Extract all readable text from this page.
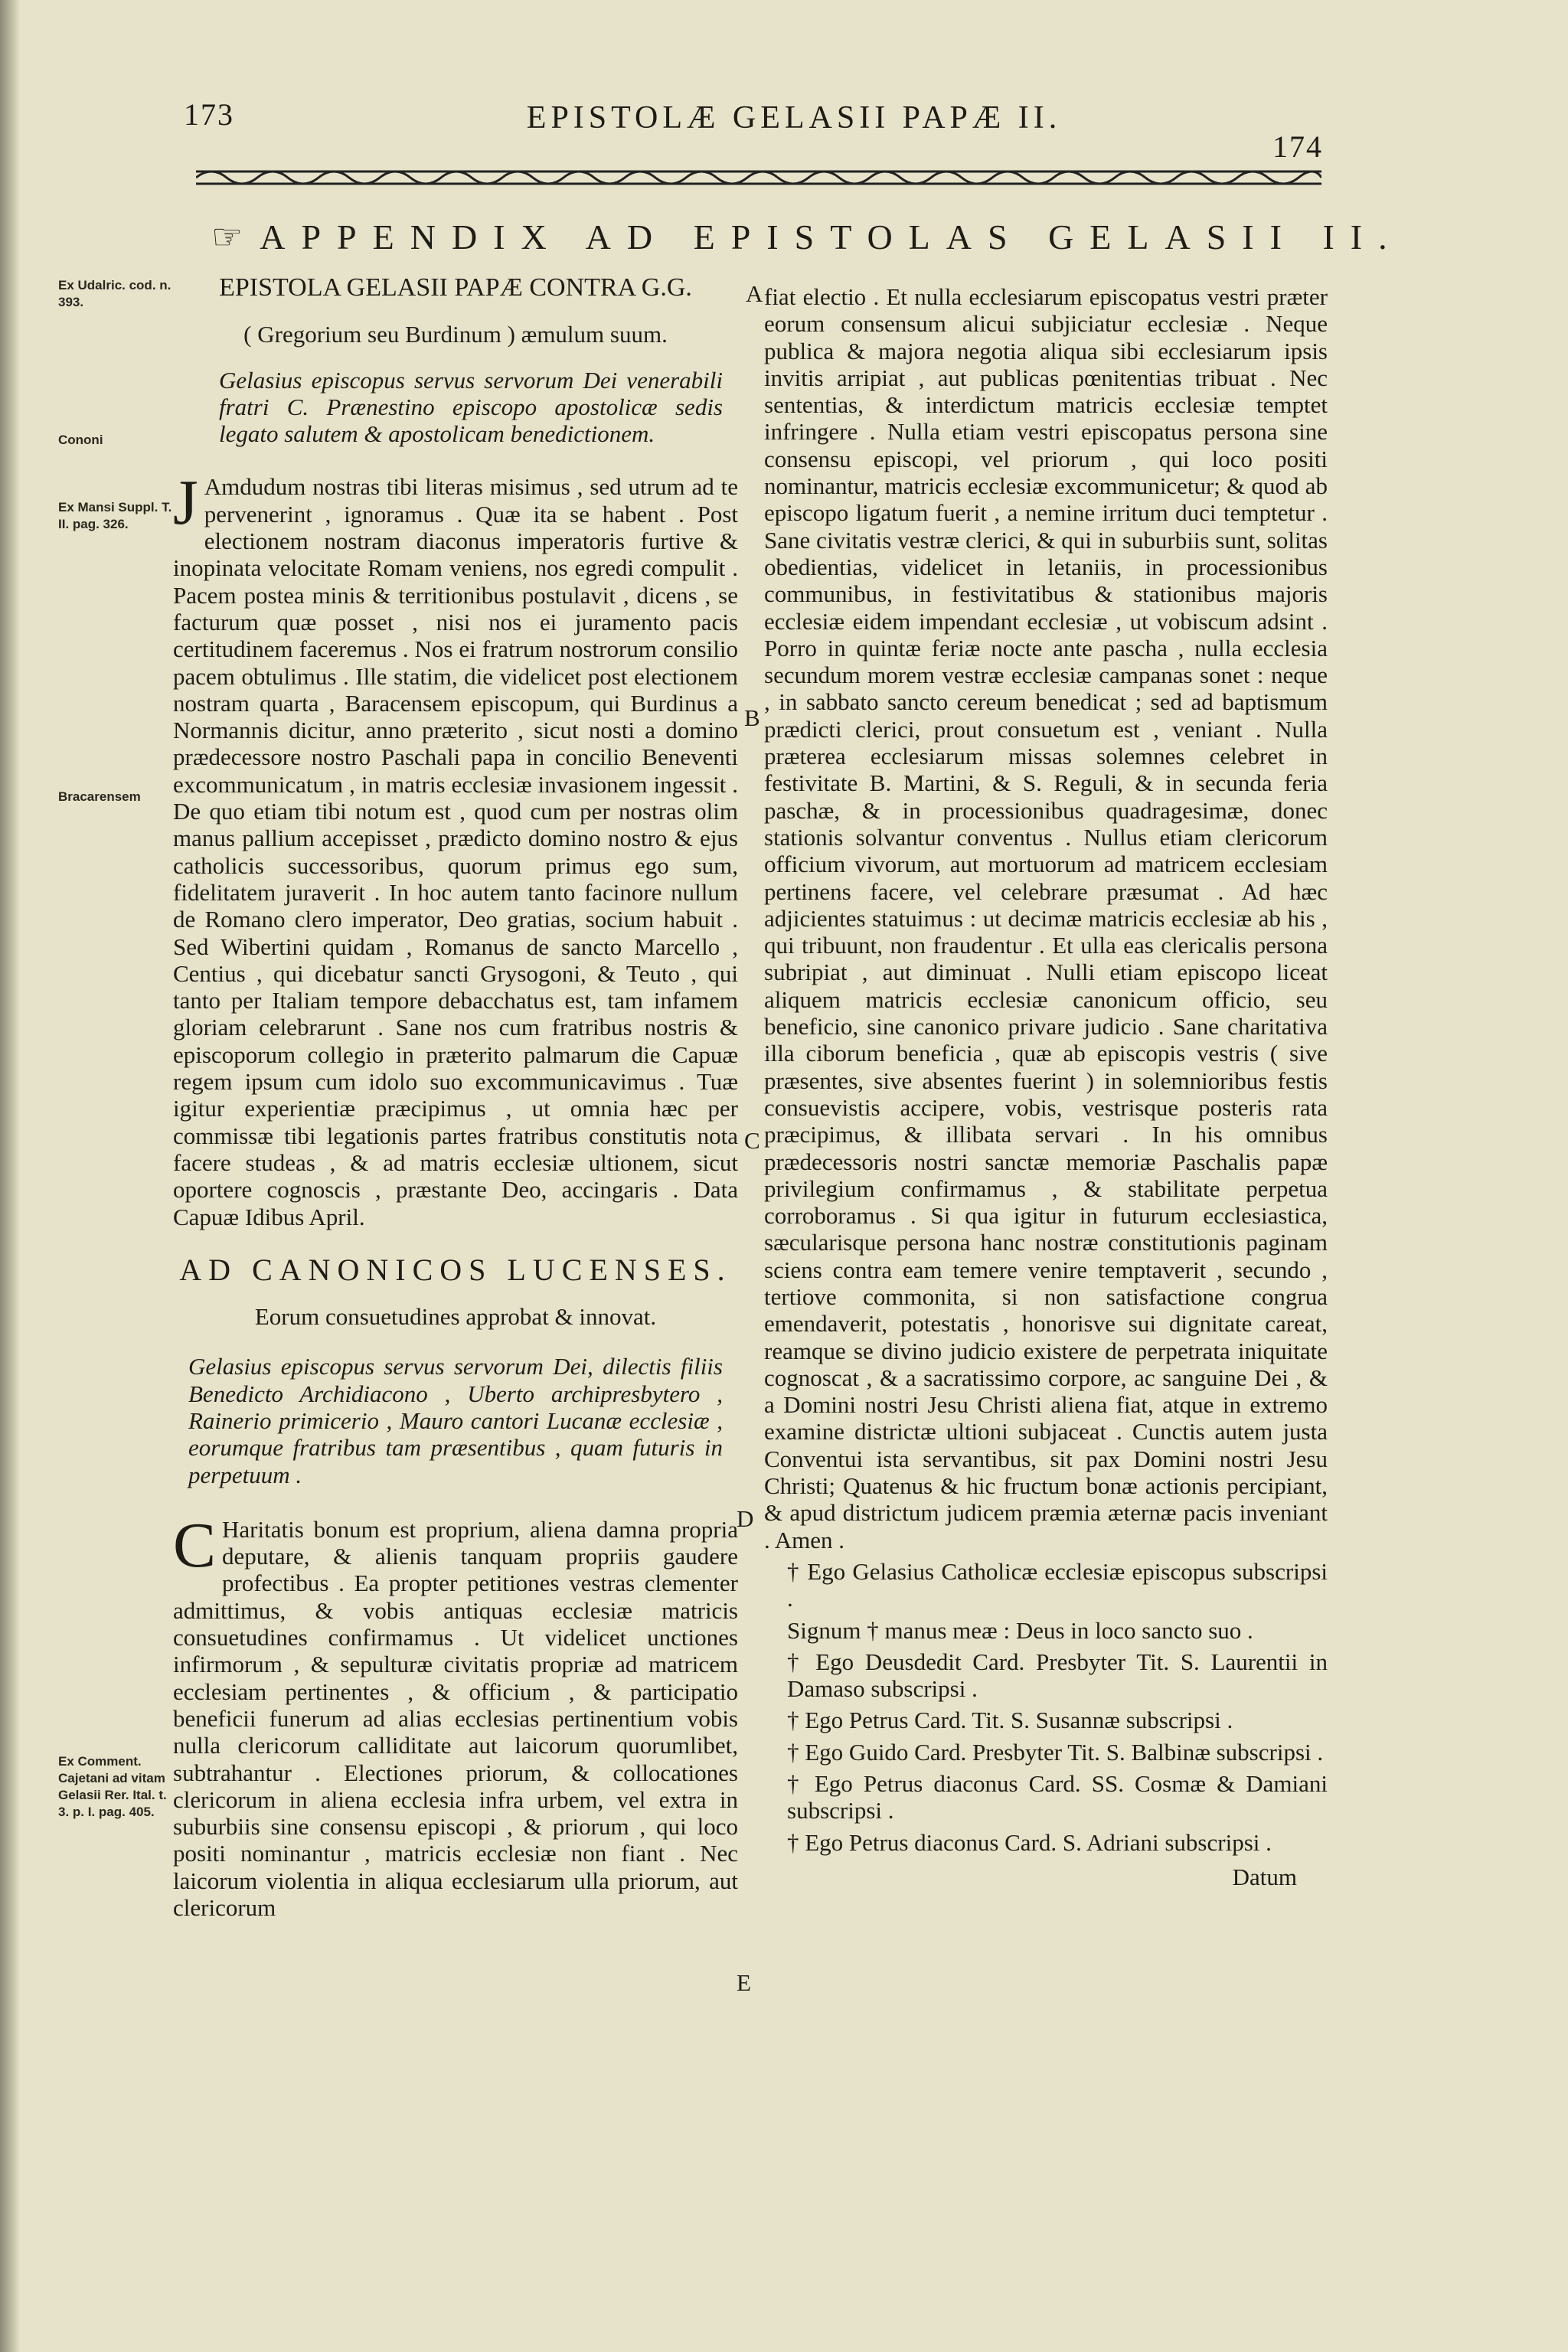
173	EPISTOLÆ GELASII PAPÆ II.
174
☞ APPENDIX AD EPISTOLAS GELASII II.
Ex Udalric. cod. n. 393.
Cononi
Ex Mansi Suppl. T. II. pag. 326.
Bracarensem
Ex Comment. Cajetani ad vitam Gelasii Rer. Ital. t. 3. p. I. pag. 405.
A
B
C
D
E

EPISTOLA GELASII PAPÆ CONTRA G.G.

( Gregorium seu Burdinum ) æmulum suum.

Gelasius episcopus servus servorum Dei venerabili fratri C. Prænestino episcopo apostolicæ sedis legato salutem & apostolicam benedictionem.

J Amdudum nostras tibi literas misimus , sed utrum ad te pervenerint , ignoramus . Quæ ita se habent . Post electionem nostram diaconus imperatoris furtive & inopinata velocitate Romam veniens, nos egredi compulit . Pacem postea minis & territionibus postulavit , dicens , se facturum quæ posset , nisi nos ei juramento pacis certitudinem faceremus . Nos ei fratrum nostrorum consilio pacem obtulimus . Ille statim, die videlicet post electionem nostram quarta , Baracensem episcopum, qui Burdinus a Normannis dicitur, anno præterito , sicut nosti a domino prædecessore nostro Paschali papa in concilio Beneventi excommunicatum , in matris ecclesiæ invasionem ingessit . De quo etiam tibi notum est , quod cum per nostras olim manus pallium accepisset , prædicto domino nostro & ejus catholicis successoribus, quorum primus ego sum, fidelitatem juraverit . In hoc autem tanto facinore nullum de Romano clero imperator, Deo gratias, socium habuit . Sed Wibertini quidam , Romanus de sancto Marcello , Centius , qui dicebatur sancti Grysogoni, & Teuto , qui tanto per Italiam tempore debacchatus est, tam infamem gloriam celebrarunt . Sane nos cum fratribus nostris & episcoporum collegio in præterito palmarum die Capuæ regem ipsum cum idolo suo excommunicavimus . Tuæ igitur experientiæ præcipimus , ut omnia hæc per commissæ tibi legationis partes fratribus constitutis nota facere studeas , & ad matris ecclesiæ ultionem, sicut oportere cognoscis , præstante Deo, accingaris . Data Capuæ Idibus April.

AD CANONICOS LUCENSES.

Eorum consuetudines approbat & innovat.

Gelasius episcopus servus servorum Dei, dilectis filiis Benedicto Archidiacono , Uberto archipresbytero , Rainerio primicerio , Mauro cantori Lucanæ ecclesiæ , eorumque fratribus tam præsentibus , quam futuris in perpetuum .

C Haritatis bonum est proprium, aliena damna propria deputare, & alienis tanquam propriis gaudere profectibus . Ea propter petitiones vestras clementer admittimus, & vobis antiquas ecclesiæ matricis consuetudines confirmamus . Ut videlicet unctiones infirmorum , & sepulturæ civitatis propriæ ad matricem ecclesiam pertinentes , & officium , & participatio beneficii funerum ad alias ecclesias pertinentium vobis nulla clericorum calliditate aut laicorum quorumlibet, subtrahantur . Electiones priorum, & collocationes clericorum in aliena ecclesia infra urbem, vel extra in suburbiis sine consensu episcopi , & priorum , qui loco positi nominantur , matricis ecclesiæ non fiant . Nec laicorum violentia in aliqua ecclesiarum ulla priorum, aut clericorum

fiat electio . Et nulla ecclesiarum episcopatus vestri præter eorum consensum alicui subjiciatur ecclesiæ . Neque publica & majora negotia aliqua sibi ecclesiarum ipsis invitis arripiat , aut publicas pœnitentias tribuat . Nec sententias, & interdictum matricis ecclesiæ temptet infringere . Nulla etiam vestri episcopatus persona sine consensu episcopi, vel priorum , qui loco positi nominantur, matricis ecclesiæ excommunicetur; & quod ab episcopo ligatum fuerit , a nemine irritum duci temptetur . Sane civitatis vestræ clerici, & qui in suburbiis sunt, solitas obedientias, videlicet in letaniis, in processionibus communibus, in festivitatibus & stationibus majoris ecclesiæ eidem impendant ecclesiæ , ut vobiscum adsint . Porro in quintæ feriæ nocte ante pascha , nulla ecclesia secundum morem vestræ ecclesiæ campanas sonet : neque , in sabbato sancto cereum benedicat ; sed ad baptismum prædicti clerici, prout consuetum est , veniant . Nulla præterea ecclesiarum missas solemnes celebret in festivitate B. Martini, & S. Reguli, & in secunda feria paschæ, & in processionibus quadragesimæ, donec stationis solvantur conventus . Nullus etiam clericorum officium vivorum, aut mortuorum ad matricem ecclesiam pertinens facere, vel celebrare præsumat . Ad hæc adjicientes statuimus : ut decimæ matricis ecclesiæ ab his , qui tribuunt, non fraudentur . Et ulla eas clericalis persona subripiat , aut diminuat . Nulli etiam episcopo liceat aliquem matricis ecclesiæ canonicum officio, seu beneficio, sine canonico privare judicio . Sane charitativa illa ciborum beneficia , quæ ab episcopis vestris ( sive præsentes, sive absentes fuerint ) in solemnioribus festis consuevistis accipere, vobis, vestrisque posteris rata præcipimus, & illibata servari . In his omnibus prædecessoris nostri sanctæ memoriæ Paschalis papæ privilegium confirmamus , & stabilitate perpetua corroboramus . Si qua igitur in futurum ecclesiastica, sæcularisque persona hanc nostræ constitutionis paginam sciens contra eam temere venire temptaverit , secundo , tertiove commonita, si non satisfactione congrua emendaverit, potestatis , honorisve sui dignitate careat, reamque se divino judicio existere de perpetrata iniquitate cognoscat , & a sacratissimo corpore, ac sanguine Dei , & a Domini nostri Jesu Christi aliena fiat, atque in extremo examine districtæ ultioni subjaceat . Cunctis autem justa Conventui ista servantibus, sit pax Domini nostri Jesu Christi; Quatenus & hic fructum bonæ actionis percipiant, & apud districtum judicem præmia æternæ pacis inveniant . Amen .

† Ego Gelasius Catholicæ ecclesiæ episcopus subscripsi .

Signum † manus meæ : Deus in loco sancto suo .

† Ego Deusdedit Card. Presbyter Tit. S. Laurentii in Damaso subscripsi .

† Ego Petrus Card. Tit. S. Susannæ subscripsi .

† Ego Guido Card. Presbyter Tit. S. Balbinæ subscripsi .

† Ego Petrus diaconus Card. SS. Cosmæ & Damiani subscripsi .

† Ego Petrus diaconus Card. S. Adriani subscripsi .

Datum
